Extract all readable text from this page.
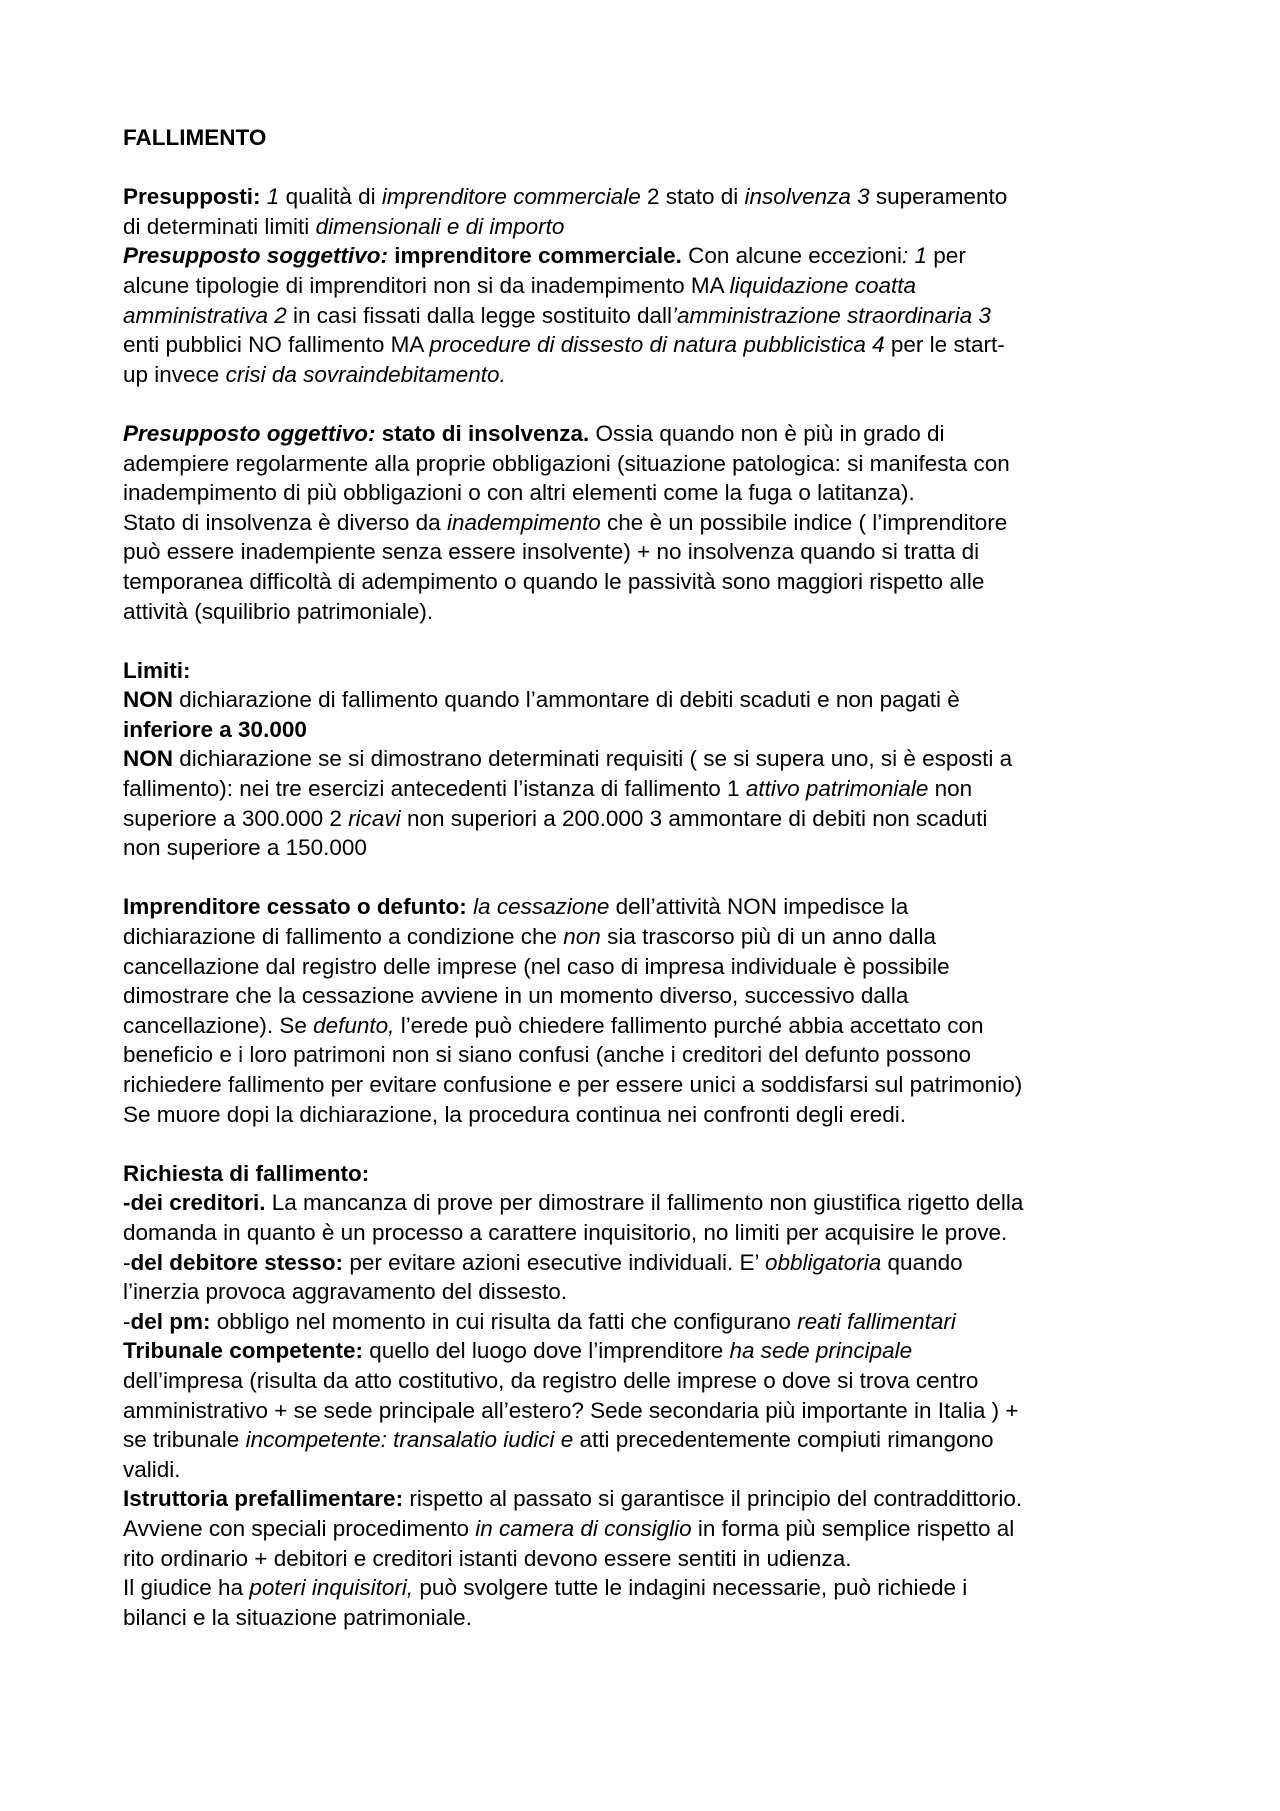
FALLIMENTO
Presupposti: 1 qualità di imprenditore commerciale 2 stato di insolvenza 3 superamento
di determinati limiti dimensionali e di importo
Presupposto soggettivo: imprenditore commerciale. Con alcune eccezioni: 1 per
alcune tipologie di imprenditori non si da inadempimento MA liquidazione coatta
amministrativa 2 in casi fissati dalla legge sostituito dall’amministrazione straordinaria 3
enti pubblici NO fallimento MA procedure di dissesto di natura pubblicistica 4 per le start-
up invece crisi da sovraindebitamento.
Presupposto oggettivo: stato di insolvenza. Ossia quando non è più in grado di
adempiere regolarmente alla proprie obbligazioni (situazione patologica: si manifesta con
inadempimento di più obbligazioni o con altri elementi come la fuga o latitanza).
Stato di insolvenza è diverso da inadempimento che è un possibile indice ( l’imprenditore
può essere inadempiente senza essere insolvente) + no insolvenza quando si tratta di
temporanea difficoltà di adempimento o quando le passività sono maggiori rispetto alle
attività (squilibrio patrimoniale).
Limiti:
NON dichiarazione di fallimento quando l’ammontare di debiti scaduti e non pagati è
inferiore a 30.000
NON dichiarazione se si dimostrano determinati requisiti ( se si supera uno, si è esposti a
fallimento): nei tre esercizi antecedenti l’istanza di fallimento 1 attivo patrimoniale non
superiore a 300.000 2 ricavi non superiori a 200.000 3 ammontare di debiti non scaduti
non superiore a 150.000
Imprenditore cessato o defunto: la cessazione dell’attività NON impedisce la
dichiarazione di fallimento a condizione che non sia trascorso più di un anno dalla
cancellazione dal registro delle imprese (nel caso di impresa individuale è possibile
dimostrare che la cessazione avviene in un momento diverso, successivo dalla
cancellazione). Se defunto, l’erede può chiedere fallimento purché abbia accettato con
beneficio e i loro patrimoni non si siano confusi (anche i creditori del defunto possono
richiedere fallimento per evitare confusione e per essere unici a soddisfarsi sul patrimonio)
Se muore dopi la dichiarazione, la procedura continua nei confronti degli eredi.
Richiesta di fallimento:
-dei creditori. La mancanza di prove per dimostrare il fallimento non giustifica rigetto della
domanda in quanto è un processo a carattere inquisitorio, no limiti per acquisire le prove.
-del debitore stesso: per evitare azioni esecutive individuali. E’ obbligatoria quando
l’inerzia provoca aggravamento del dissesto.
-del pm: obbligo nel momento in cui risulta da fatti che configurano reati fallimentari
Tribunale competente: quello del luogo dove l’imprenditore ha sede principale
dell’impresa (risulta da atto costitutivo, da registro delle imprese o dove si trova centro
amministrativo + se sede principale all’estero? Sede secondaria più importante in Italia ) +
se tribunale incompetente: transalatio iudici e atti precedentemente compiuti rimangono
validi.
Istruttoria prefallimentare: rispetto al passato si garantisce il principio del contraddittorio.
Avviene con speciali procedimento in camera di consiglio in forma più semplice rispetto al
rito ordinario + debitori e creditori istanti devono essere sentiti in udienza.
Il giudice ha poteri inquisitori, può svolgere tutte le indagini necessarie, può richiede i
bilanci e la situazione patrimoniale.
